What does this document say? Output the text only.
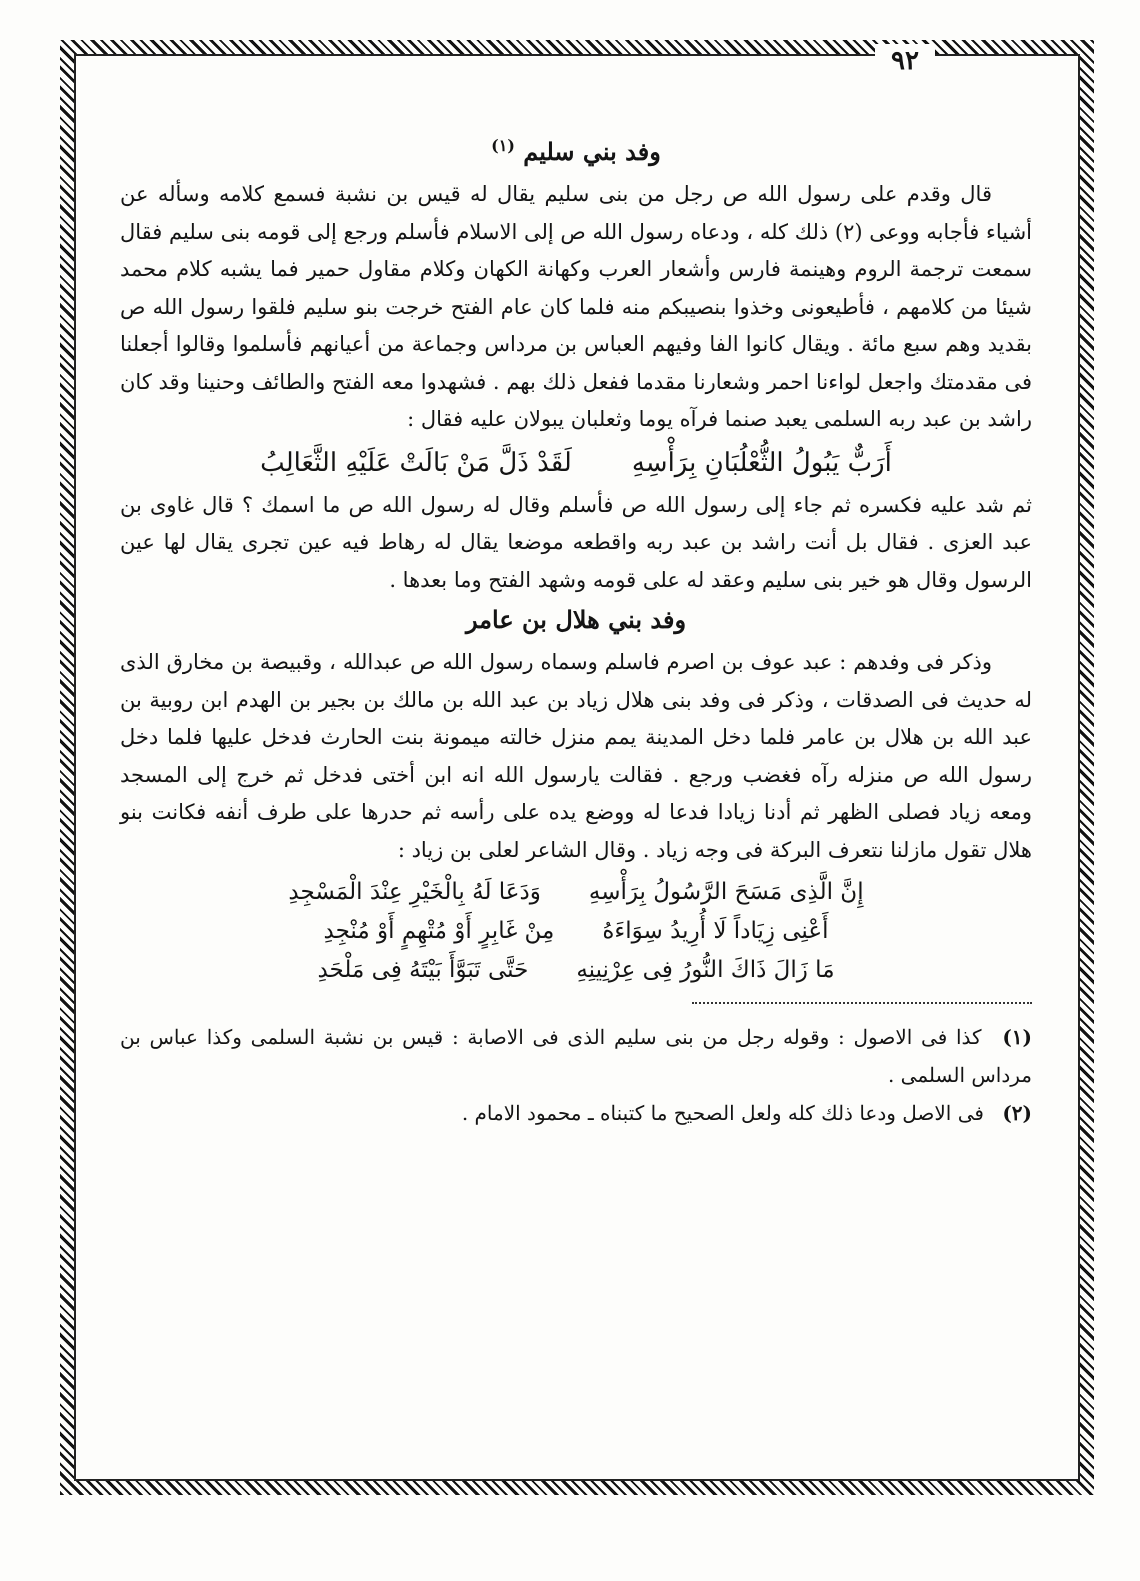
٩٢
وفد بني سليم $^{(١)}$

قال وقدم على رسول الله ص رجل من بنى سليم يقال له قيس بن نشبة فسمع كلامه وسأله عن أشياء فأجابه ووعى (٢) ذلك كله ، ودعاه رسول الله ص إلى الاسلام فأسلم ورجع إلى قومه بنى سليم فقال سمعت ترجمة الروم وهينمة فارس وأشعار العرب وكهانة الكهان وكلام مقاول حمير فما يشبه كلام محمد شيئا من كلامهم ، فأطيعونى وخذوا بنصيبكم منه فلما كان عام الفتح خرجت بنو سليم فلقوا رسول الله ص بقديد وهم سبع مائة . ويقال كانوا الفا وفيهم العباس بن مرداس وجماعة من أعيانهم فأسلموا وقالوا أجعلنا فى مقدمتك واجعل لواءنا احمر وشعارنا مقدما ففعل ذلك بهم . فشهدوا معه الفتح والطائف وحنينا وقد كان راشد بن عبد ربه السلمى يعبد صنما فرآه يوما وثعلبان يبولان عليه فقال :

أَرَبٌّ يَبُولُ الثُّعْلُبَانِ بِرَأْسِهِ
لَقَدْ ذَلَّ مَنْ بَالَتْ عَلَيْهِ الثَّعَالِبُ

ثم شد عليه فكسره ثم جاء إلى رسول الله ص فأسلم وقال له رسول الله ص ما اسمك ؟ قال غاوى بن عبد العزى . فقال بل أنت راشد بن عبد ربه واقطعه موضعا يقال له رهاط فيه عين تجرى يقال لها عين الرسول وقال هو خير بنى سليم وعقد له على قومه وشهد الفتح وما بعدها .

وفد بني هلال بن عامر

وذكر فى وفدهم : عبد عوف بن اصرم فاسلم وسماه رسول الله ص عبدالله ، وقبيصة بن مخارق الذى له حديث فى الصدقات ، وذكر فى وفد بنى هلال زياد بن عبد الله بن مالك بن بجير بن الهدم ابن روبية بن عبد الله بن هلال بن عامر فلما دخل المدينة يمم منزل خالته ميمونة بنت الحارث فدخل عليها فلما دخل رسول الله ص منزله رآه فغضب ورجع . فقالت يارسول الله انه ابن أختى فدخل ثم خرج إلى المسجد ومعه زياد فصلى الظهر ثم أدنا زيادا فدعا له ووضع يده على رأسه ثم حدرها على طرف أنفه فكانت بنو هلال تقول مازلنا نتعرف البركة فى وجه زياد . وقال الشاعر لعلى بن زياد :

إِنَّ الَّذِى مَسَحَ الرَّسُولُ بِرَأْسِهِ
وَدَعَا لَهُ بِالْخَيْرِ عِنْدَ الْمَسْجِدِ
أَعْنِى زِيَاداً لَا أُرِيدُ سِوَاءَهُ
مِنْ غَابِرٍ أَوْ مُتْهِمٍ أَوْ مُنْجِدِ
مَا زَالَ ذَاكَ النُّورُ فِى عِرْنِينِهِ
حَتَّى تَبَوَّأَ بَيْتَهُ فِى مَلْحَدِ

(١) كذا فى الاصول : وقوله رجل من بنى سليم الذى فى الاصابة : قيس بن نشبة السلمى وكذا عباس بن مرداس السلمى .

(٢) فى الاصل ودعا ذلك كله ولعل الصحيح ما كتبناه ـ محمود الامام .
